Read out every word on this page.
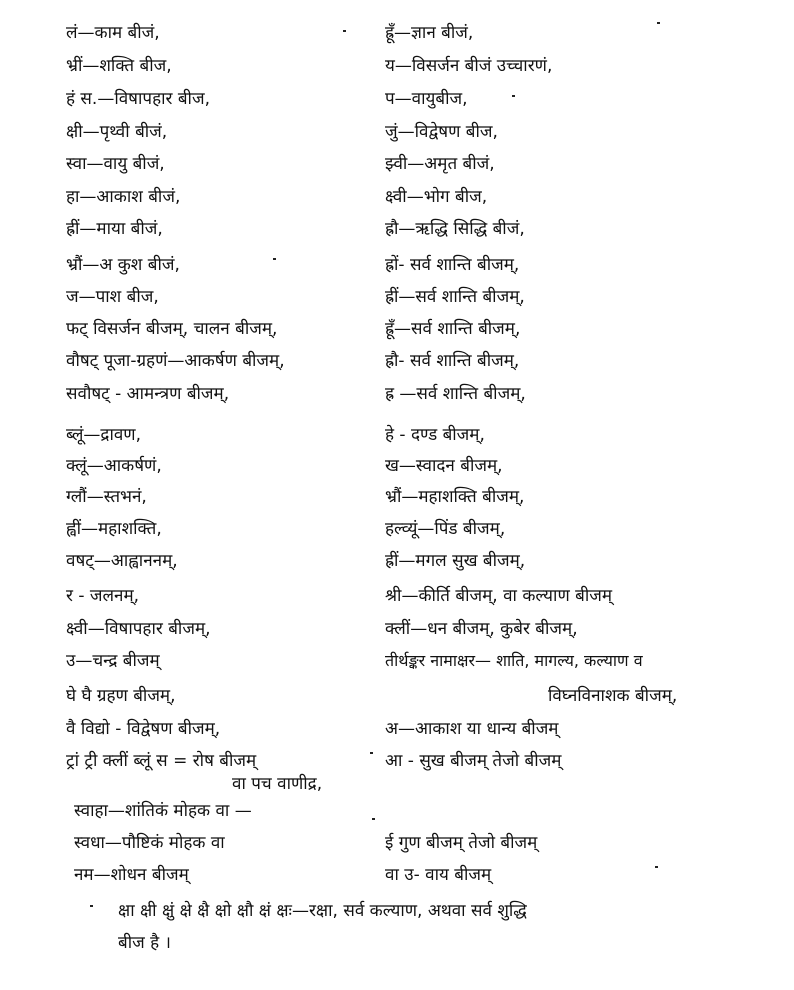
लं—काम बीजं,
भ्रीं—शक्ति बीज,
हं स.—विषापहार बीज,
क्षी—पृथ्वी बीजं,
स्वा—वायु बीजं,
हा—आकाश बीजं,
ह्रीं—माया बीजं,
भ्रौं—अ कुश बीजं,
ज—पाश बीज,
फट् विसर्जन बीजम्, चालन बीजम्,
वौषट् पूजा-ग्रहणं—आकर्षण बीजम्,
सवौषट् - आमन्त्रण बीजम्,
ब्लूं—द्रावण,
क्लूं—आकर्षणं,
ग्लौं—स्तभनं,
ह्वीं—महाशक्ति,
वषट्—आह्वाननम्,
र - जलनम्,
क्ष्वी—विषापहार बीजम्,
उ—चन्द्र बीजम्
घे घै ग्रहण बीजम्,
वै विद्यो - विद्वेषण बीजम्,
ट्रां ट्री क्लीं ब्लूं स = रोष बीजम्
वा पच वाणीद्र,
स्वाहा—शांतिकं मोहक वा —
स्वधा—पौष्टिकं मोहक वा
नम—शोधन बीजम्
ह्रूँ—ज्ञान बीजं,
य—विसर्जन बीजं उच्चारणं,
प—वायुबीज,
जुं—विद्वेषण बीज,
झ्वी—अमृत बीजं,
क्ष्वी—भोग बीज,
ह्रौ—ऋद्धि सिद्धि बीजं,
ह्रों- सर्व शान्ति बीजम्,
ह्रीं—सर्व शान्ति बीजम्,
ह्रूँ—सर्व शान्ति बीजम्,
ह्रौ- सर्व शान्ति बीजम्,
ह्र —सर्व शान्ति बीजम्,
हे - दण्ड बीजम्,
ख—स्वादन बीजम्,
भ्रौं—महाशक्ति बीजम्,
हल्व्यूं—पिंड बीजम्,
ह्रीं—मगल सुख बीजम्,
श्री—कीर्ति बीजम्, वा कल्याण बीजम्
क्लीं—धन बीजम्, कुबेर बीजम्,
तीर्थङ्कर नामाक्षर— शाति, मागल्य, कल्याण व
विघ्नविनाशक बीजम्,
अ—आकाश या धान्य बीजम्
आ - सुख बीजम् तेजो बीजम्
ई गुण बीजम् तेजो बीजम्
वा उ- वाय बीजम्
क्षा क्षी क्षुं क्षे क्षै क्षो क्षौ क्षं क्षः—रक्षा, सर्व कल्याण, अथवा सर्व शुद्धि
बीज है ।
